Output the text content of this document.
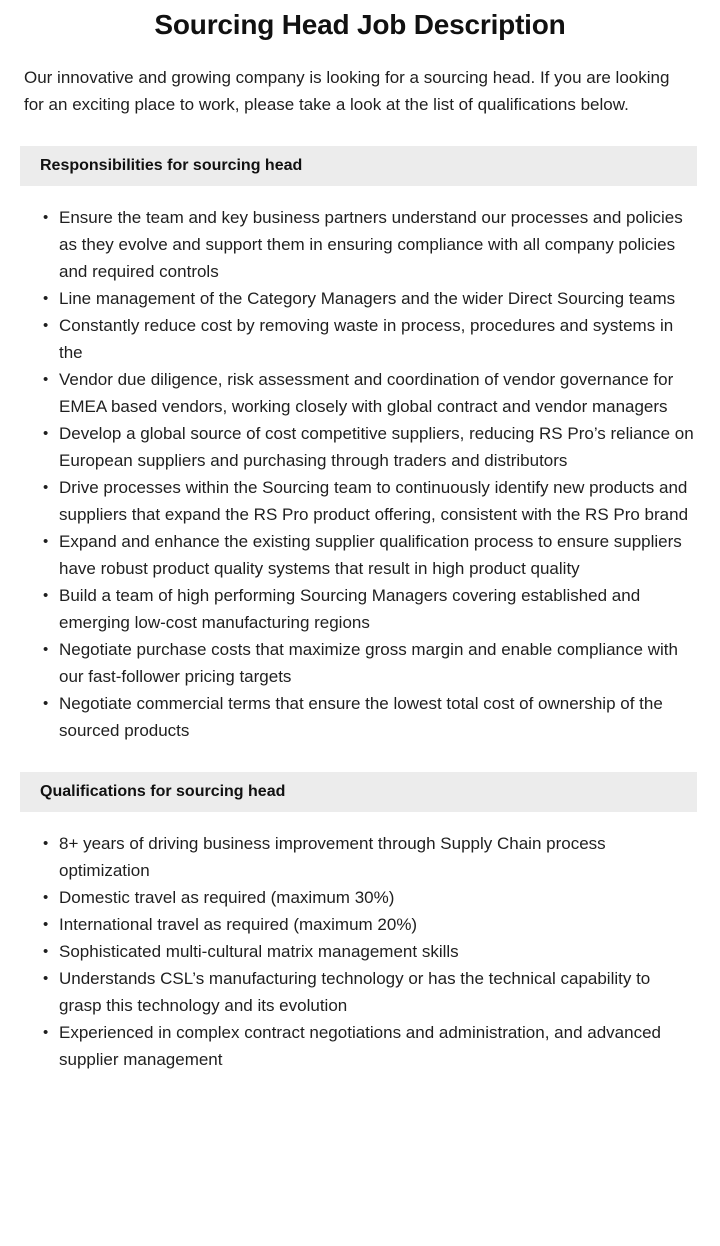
Sourcing Head Job Description

Our innovative and growing company is looking for a sourcing head. If you are looking for an exciting place to work, please take a look at the list of qualifications below.

Responsibilities for sourcing head
• Ensure the team and key business partners understand our processes and policies as they evolve and support them in ensuring compliance with all company policies and required controls
• Line management of the Category Managers and the wider Direct Sourcing teams
• Constantly reduce cost by removing waste in process, procedures and systems in the
• Vendor due diligence, risk assessment and coordination of vendor governance for EMEA based vendors, working closely with global contract and vendor managers
• Develop a global source of cost competitive suppliers, reducing RS Pro’s reliance on European suppliers and purchasing through traders and distributors
• Drive processes within the Sourcing team to continuously identify new products and suppliers that expand the RS Pro product offering, consistent with the RS Pro brand
• Expand and enhance the existing supplier qualification process to ensure suppliers have robust product quality systems that result in high product quality
• Build a team of high performing Sourcing Managers covering established and emerging low-cost manufacturing regions
• Negotiate purchase costs that maximize gross margin and enable compliance with our fast-follower pricing targets
• Negotiate commercial terms that ensure the lowest total cost of ownership of the sourced products
Qualifications for sourcing head
• 8+ years of driving business improvement through Supply Chain process optimization
• Domestic travel as required (maximum 30%)
• International travel as required (maximum 20%)
• Sophisticated multi-cultural matrix management skills
• Understands CSL’s manufacturing technology or has the technical capability to grasp this technology and its evolution
• Experienced in complex contract negotiations and administration, and advanced supplier management
